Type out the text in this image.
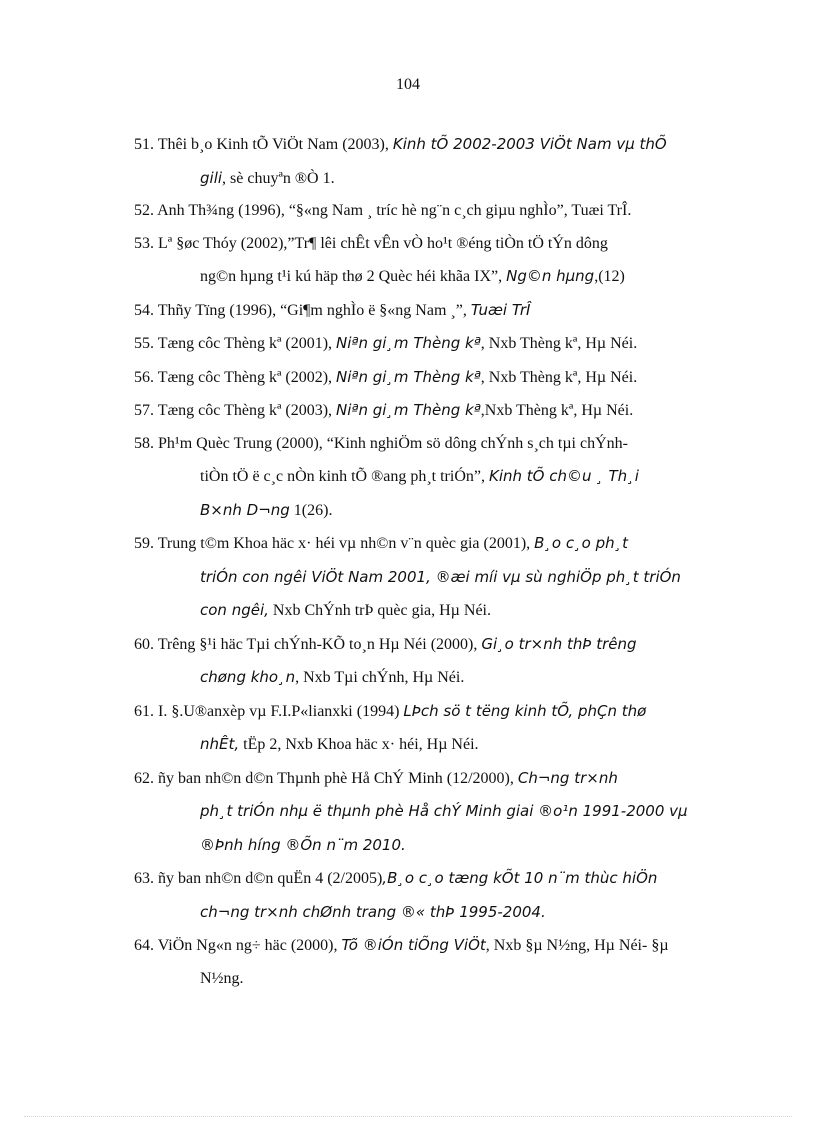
104
51. Thêi b¸o Kinh tÕ ViÖt Nam (2003), Kinh tÕ 2002-2003 ViÖt Nam vµ thÕ
gili, sè chuyªn ®Ò 1.
52. Anh Th¾ng (1996), “§«ng Nam ¸ tríc hè ng¨n c¸ch giµu nghÌo”, Tuæi TrÎ.
53. Lª §øc Thóy (2002),”Tr¶ lêi chÊt vÊn vÒ ho¹t ®éng tiÒn tÖ tÝn dông
ng©n hµng t¹i kú häp thø 2 Quèc héi khãa IX”, Ng©n hµng,(12)
54. Thñy Tïng (1996), “Gi¶m nghÌo ë §«ng Nam ¸”, Tuæi TrÎ
55. Tæng côc Thèng kª (2001), Niªn gi¸m Thèng kª, Nxb Thèng kª, Hµ Néi.
56. Tæng côc Thèng kª (2002), Niªn gi¸m Thèng kª, Nxb Thèng kª, Hµ Néi.
57. Tæng côc Thèng kª (2003), Niªn gi¸m Thèng kª,Nxb Thèng kª, Hµ Néi.
58. Ph¹m Quèc Trung (2000), “Kinh nghiÖm sö dông chÝnh s¸ch tµi chÝnh-
tiÒn tÖ ë c¸c nÒn kinh tÕ ®ang ph¸t triÓn”, Kinh tÕ ch©u ¸ Th¸i
B×nh D¬ng 1(26).
59. Trung t©m Khoa häc x· héi vµ nh©n v¨n quèc gia (2001), B¸o c¸o ph¸t
triÓn con ngêi ViÖt Nam 2001, ®æi míi vµ sù nghiÖp ph¸t triÓn
con ngêi, Nxb ChÝnh trÞ quèc gia, Hµ Néi.
60. Trêng §¹i häc Tµi chÝnh-KÕ to¸n Hµ Néi (2000), Gi¸o tr×nh thÞ trêng
chøng kho¸n, Nxb Tµi chÝnh, Hµ Néi.
61. I. §.U®anxèp vµ F.I.P«lianxki (1994) LÞch sö t tëng kinh tÕ, phÇn thø
nhÊt, tËp 2, Nxb Khoa häc x· héi, Hµ Néi.
62. ñy ban nh©n d©n Thµnh phè Hå ChÝ Minh (12/2000), Ch¬ng tr×nh
ph¸t triÓn nhµ ë thµnh phè Hå chÝ Minh giai ®o¹n 1991-2000 vµ
®Þnh híng ®Õn n¨m 2010.
63. ñy ban nh©n d©n quËn 4 (2/2005),B¸o c¸o tæng kÕt 10 n¨m thùc hiÖn
ch¬ng tr×nh chØnh trang ®« thÞ 1995-2004.
64. ViÖn Ng«n ng÷ häc (2000), Tõ ®iÓn tiÕng ViÖt, Nxb §µ N½ng, Hµ Néi- §µ
N½ng.
